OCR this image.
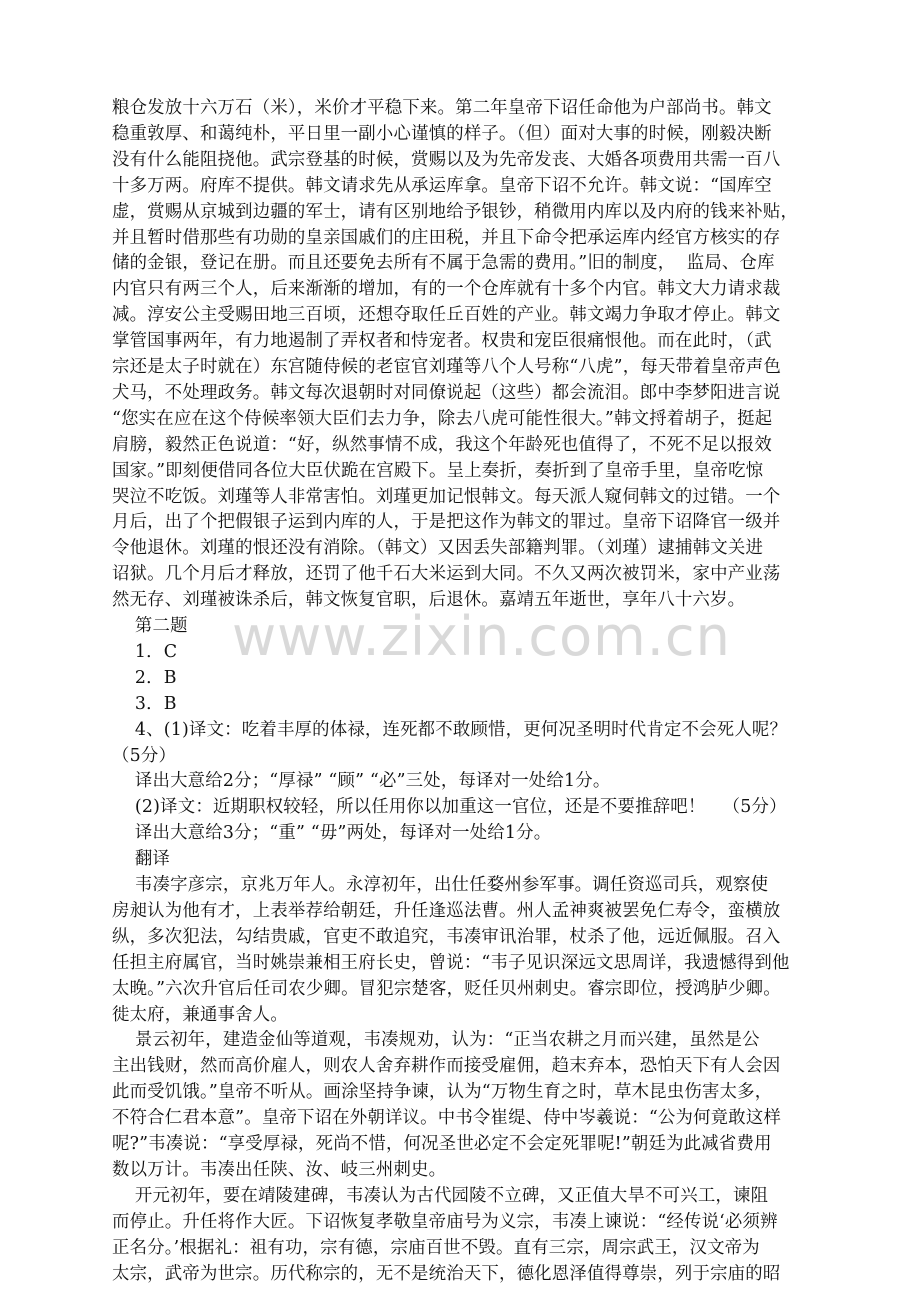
www.zixin.com.cn
粮仓发放十六万石（米），米价才平稳下来。第二年皇帝下诏任命他为户部尚书。韩文
稳重敦厚、和蔼纯朴，平日里一副小心谨慎的样子。（但）面对大事的时候，刚毅决断
没有什么能阻挠他。武宗登基的时候，赏赐以及为先帝发丧、大婚各项费用共需一百八
十多万两。府库不提供。韩文请求先从承运库拿。皇帝下诏不允许。韩文说：“国库空
虚，赏赐从京城到边疆的军士，请有区别地给予银钞，稍微用内库以及内府的钱来补贴，
并且暂时借那些有功勋的皇亲国戚们的庄田税，并且下命令把承运库内经官方核实的存
储的金银，登记在册。而且还要免去所有不属于急需的费用。”旧的制度，  监局、仓库
内官只有两三个人，后来渐渐的增加，有的一个仓库就有十多个内官。韩文大力请求裁
减。淳安公主受赐田地三百顷，还想夺取任丘百姓的产业。韩文竭力争取才停止。韩文
掌管国事两年，有力地遏制了弄权者和恃宠者。权贵和宠臣很痛恨他。而在此时，（武
宗还是太子时就在）东宫随侍候的老宦官刘瑾等八个人号称“八虎”，每天带着皇帝声色
犬马，不处理政务。韩文每次退朝时对同僚说起（这些）都会流泪。郎中李梦阳进言说
“您实在应在这个侍候率领大臣们去力争，除去八虎可能性很大。”韩文捋着胡子，挺起
肩膀，毅然正色说道：“好，纵然事情不成，我这个年龄死也值得了，不死不足以报效
国家。”即刻便借同各位大臣伏跪在宫殿下。呈上奏折，奏折到了皇帝手里，皇帝吃惊
哭泣不吃饭。刘瑾等人非常害怕。刘瑾更加记恨韩文。每天派人窥伺韩文的过错。一个
月后，出了个把假银子运到内库的人，于是把这作为韩文的罪过。皇帝下诏降官一级并
令他退休。刘瑾的恨还没有消除。（韩文）又因丢失部籍判罪。（刘瑾）逮捕韩文关进
诏狱。几个月后才释放，还罚了他千石大米运到大同。不久又两次被罚米，家中产业荡
然无存、刘瑾被诛杀后，韩文恢复官职，后退休。嘉靖五年逝世，享年八十六岁。
第二题
1．C
2．B
3．B
4、(1)译文：吃着丰厚的体禄，连死都不敢顾惜，更何况圣明时代肯定不会死人呢？
（5分）
译出大意给2分；“厚禄” “顾” “必”三处，每译对一处给1分。
(2)译文：近期职权较轻，所以任用你以加重这一官位，还是不要推辞吧！   （5分）
译出大意给3分；“重” “毋”两处，每译对一处给1分。
翻译
韦凑字彦宗，京兆万年人。永淳初年，出仕任婺州参军事。调任资巡司兵，观察使
房昶认为他有才，上表举荐给朝廷，升任逢巡法曹。州人孟神爽被罢免仁寿令，蛮横放
纵，多次犯法，勾结贵戚，官吏不敢追究，韦凑审讯治罪，杖杀了他，远近佩服。召入
任担主府属官，当时姚崇兼相王府长史，曾说：“韦子见识深远文思周详，我遗憾得到他
太晚。”六次升官后任司农少卿。冒犯宗楚客，贬任贝州刺史。睿宗即位，授鸿胪少卿。
徙太府，兼通事舍人。
景云初年，建造金仙等道观，韦凑规劝，认为：“正当农耕之月而兴建，虽然是公
主出钱财，然而高价雇人，则农人舍弃耕作而接受雇佣，趋末弃本，恐怕天下有人会因
此而受饥饿。”皇帝不听从。画涂坚持争谏，认为“万物生育之时，草木昆虫伤害太多，
不符合仁君本意”。皇帝下诏在外朝详议。中书令崔缇、侍中岑羲说：“公为何竟敢这样
呢?”韦凑说：“享受厚禄，死尚不惜，何况圣世必定不会定死罪呢!”朝廷为此减省费用
数以万计。韦凑出任陕、汝、岐三州刺史。
开元初年，要在靖陵建碑，韦凑认为古代园陵不立碑，又正值大旱不可兴工，谏阻
而停止。升任将作大匠。下诏恢复孝敬皇帝庙号为义宗，韦凑上谏说：“经传说‘必须辨
正名分。’根据礼：祖有功，宗有德，宗庙百世不毁。直有三宗，周宗武王，汉文帝为
太宗，武帝为世宗。历代称宗的，无不是统治天下，德化恩泽值得尊崇，列于宗庙的昭
